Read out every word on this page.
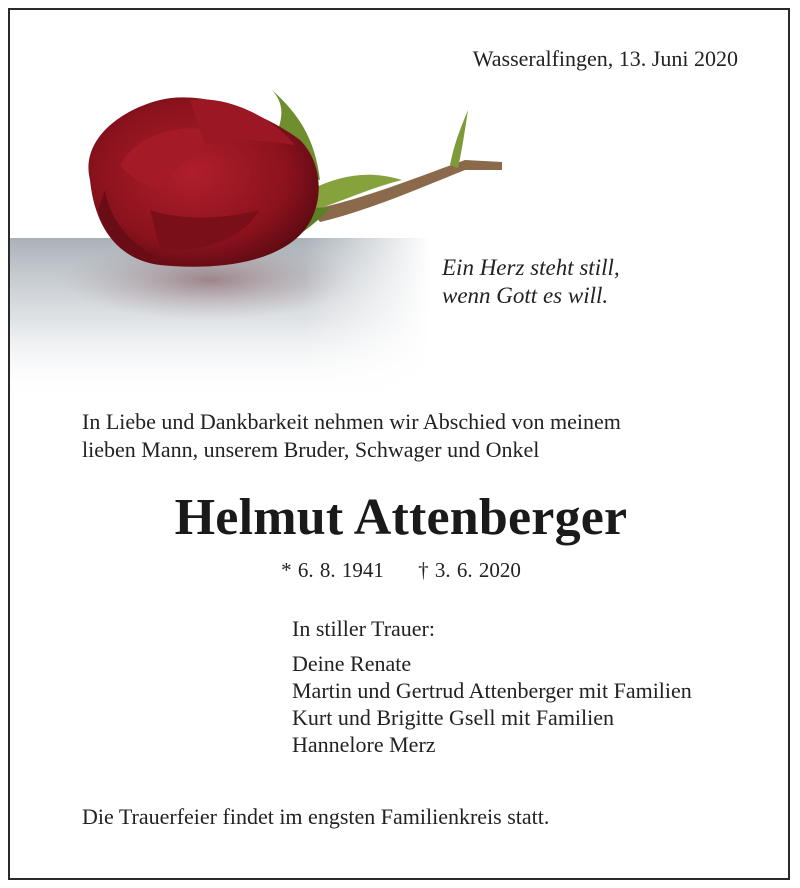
Wasseralfingen, 13. Juni 2020
Ein Herz steht still,
wenn Gott es will.
In Liebe und Dankbarkeit nehmen wir Abschied von meinem
lieben Mann, unserem Bruder, Schwager und Onkel
Helmut Attenberger
* 6. 8. 1941 † 3. 6. 2020
In stiller Trauer:
Deine Renate
Martin und Gertrud Attenberger mit Familien
Kurt und Brigitte Gsell mit Familien
Hannelore Merz
Die Trauerfeier findet im engsten Familienkreis statt.
